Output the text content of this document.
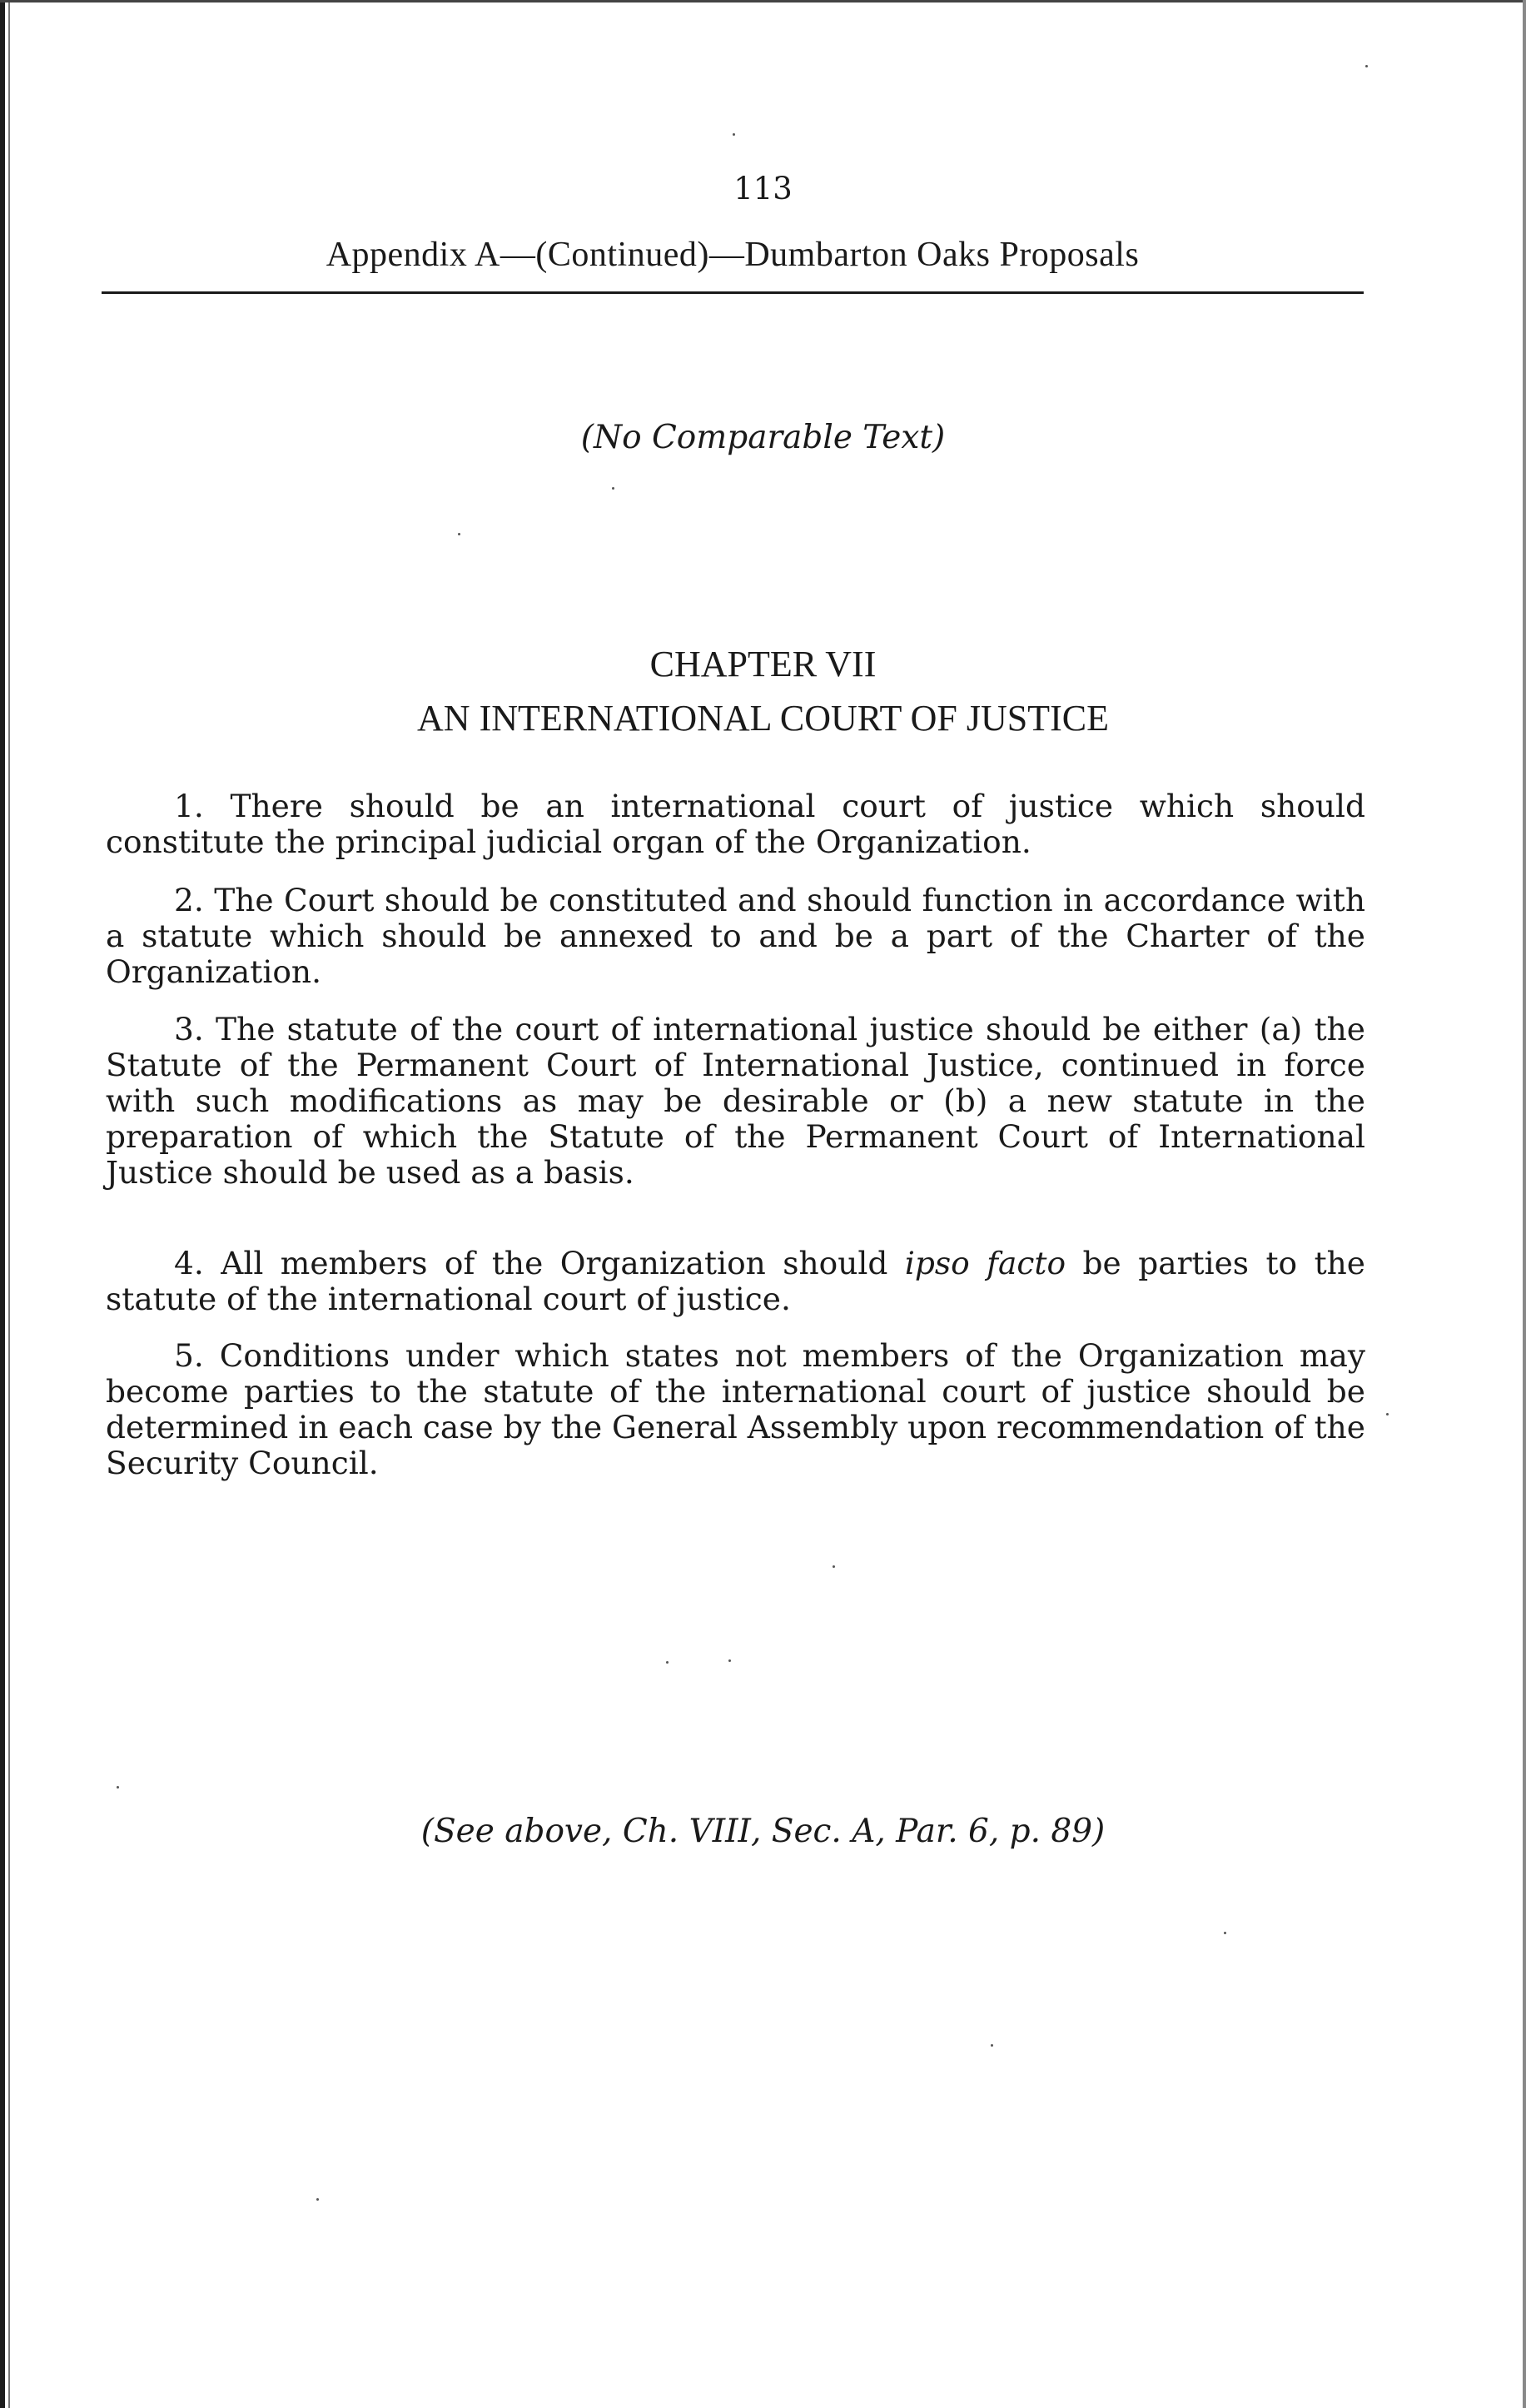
113
Appendix A—(Continued)—Dumbarton Oaks Proposals
(No Comparable Text)
CHAPTER VII
AN INTERNATIONAL COURT OF JUSTICE

1. There should be an international court of justice which should constitute the principal judicial organ of the Organization.

2. The Court should be constituted and should function in accordance with a statute which should be annexed to and be a part of the Charter of the Organization.

3. The statute of the court of international justice should be either (a) the Statute of the Permanent Court of International Justice, continued in force with such modifications as may be desirable or (b) a new statute in the preparation of which the Statute of the Permanent Court of International Justice should be used as a basis.

4. All members of the Organization should ipso facto be parties to the statute of the international court of justice.

5. Conditions under which states not members of the Organization may become parties to the statute of the international court of justice should be determined in each case by the General Assembly upon recommendation of the Security Council.

(See above, Ch. VIII, Sec. A, Par. 6, p. 89)
